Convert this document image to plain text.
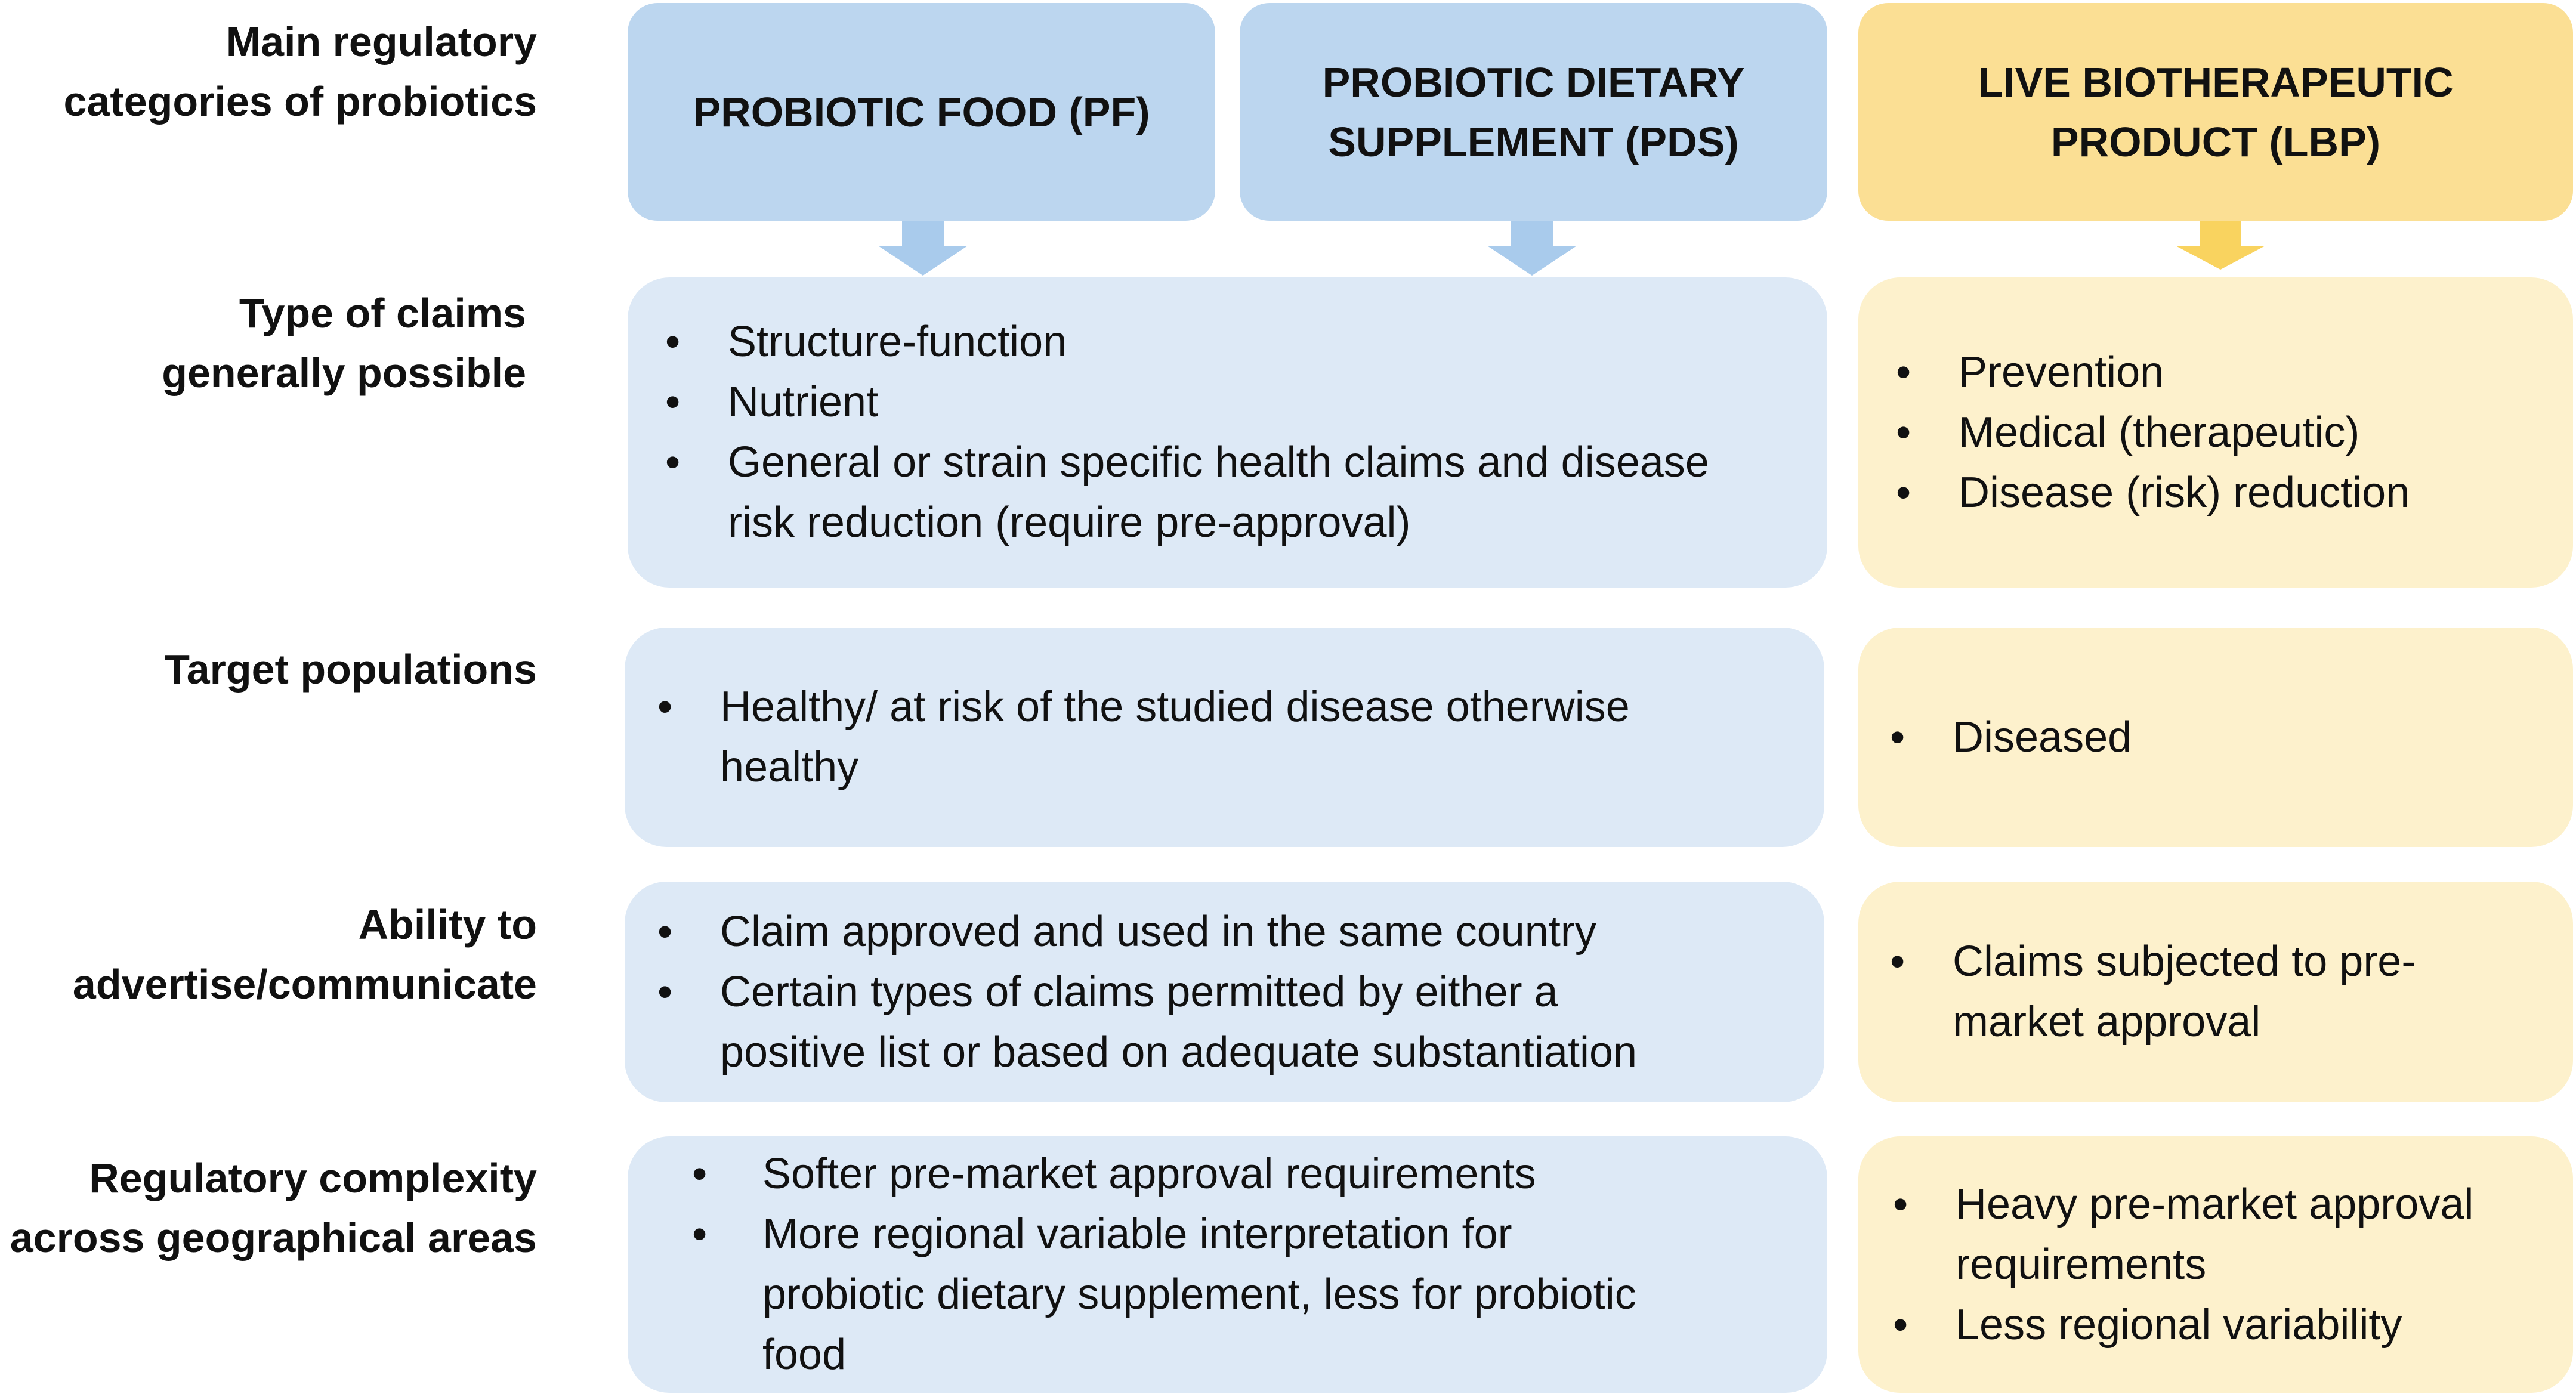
Main regulatory
categories of probiotics
Type of claims
generally possible
Target populations
Ability to
advertise/communicate
Regulatory complexity
across geographical areas
PROBIOTIC FOOD (PF)
PROBIOTIC DIETARY
SUPPLEMENT (PDS)
LIVE BIOTHERAPEUTIC
PRODUCT (LBP)
• Structure-function
• Nutrient
• General or strain specific health claims and disease
risk reduction (require pre-approval)
• Prevention
• Medical (therapeutic)
• Disease (risk) reduction
• Healthy/ at risk of the studied disease otherwise
healthy
• Diseased
• Claim approved and used in the same country
• Certain types of claims permitted by either a
positive list or based on adequate substantiation
• Claims subjected to pre-
market approval
• Softer pre-market approval requirements
• More regional variable interpretation for
probiotic dietary supplement, less for probiotic
food
• Heavy pre-market approval
requirements
• Less regional variability
